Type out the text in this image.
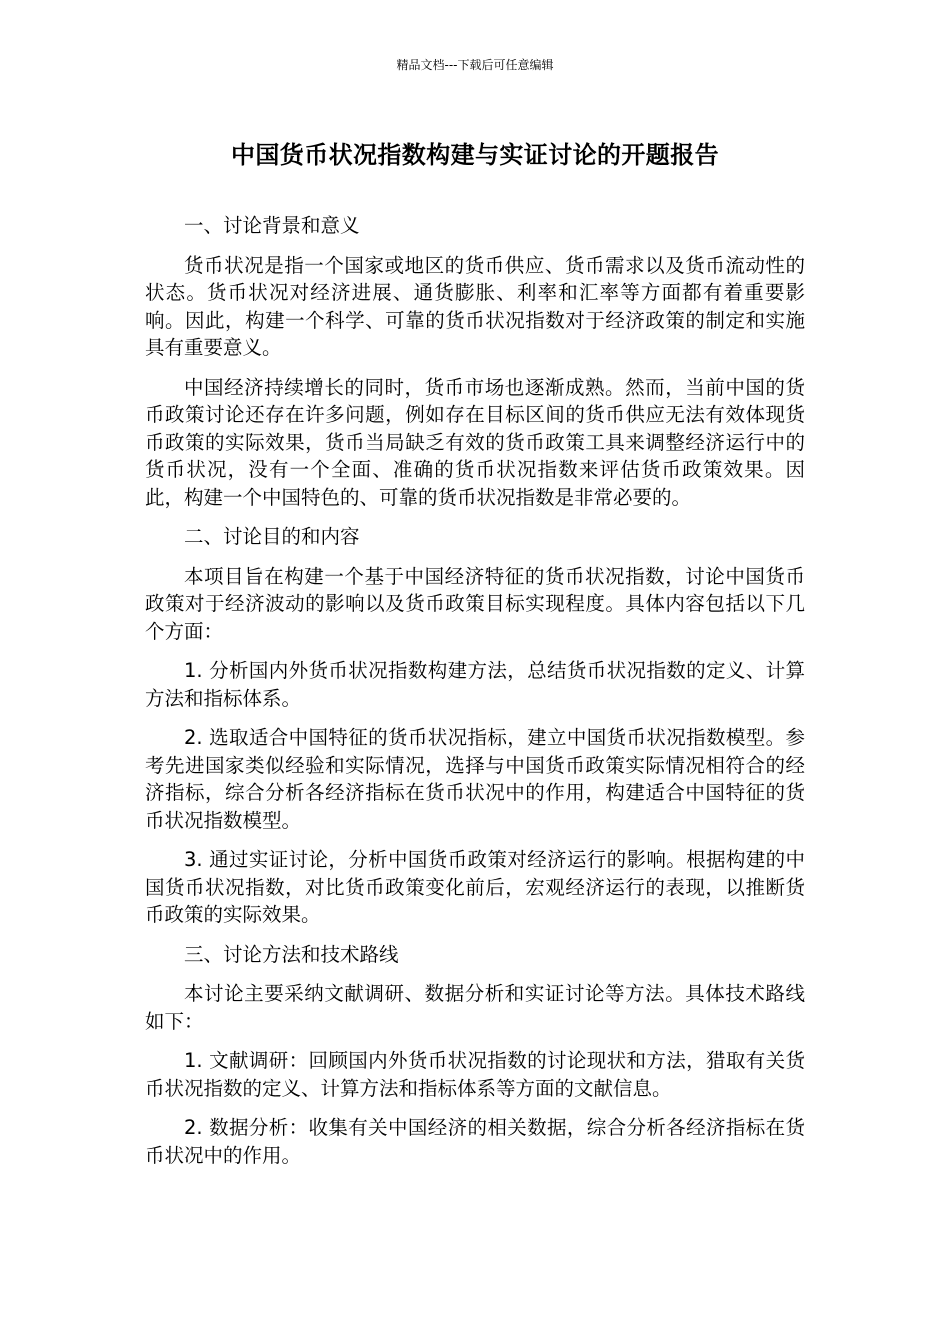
精品文档---下载后可任意编辑
中国货币状况指数构建与实证讨论的开题报告

一、讨论背景和意义

货币状况是指一个国家或地区的货币供应、货币需求以及货币流动性的状态。货币状况对经济进展、通货膨胀、利率和汇率等方面都有着重要影响。因此，构建一个科学、可靠的货币状况指数对于经济政策的制定和实施具有重要意义。

中国经济持续增长的同时，货币市场也逐渐成熟。然而，当前中国的货币政策讨论还存在许多问题，例如存在目标区间的货币供应无法有效体现货币政策的实际效果，货币当局缺乏有效的货币政策工具来调整经济运行中的货币状况，没有一个全面、准确的货币状况指数来评估货币政策效果。因此，构建一个中国特色的、可靠的货币状况指数是非常必要的。

二、讨论目的和内容

本项目旨在构建一个基于中国经济特征的货币状况指数，讨论中国货币政策对于经济波动的影响以及货币政策目标实现程度。具体内容包括以下几个方面：

1. 分析国内外货币状况指数构建方法，总结货币状况指数的定义、计算方法和指标体系。

2. 选取适合中国特征的货币状况指标，建立中国货币状况指数模型。参考先进国家类似经验和实际情况，选择与中国货币政策实际情况相符合的经济指标，综合分析各经济指标在货币状况中的作用，构建适合中国特征的货币状况指数模型。

3. 通过实证讨论，分析中国货币政策对经济运行的影响。根据构建的中国货币状况指数，对比货币政策变化前后，宏观经济运行的表现，以推断货币政策的实际效果。

三、讨论方法和技术路线

本讨论主要采纳文献调研、数据分析和实证讨论等方法。具体技术路线如下：

1. 文献调研：回顾国内外货币状况指数的讨论现状和方法，猎取有关货币状况指数的定义、计算方法和指标体系等方面的文献信息。

2. 数据分析：收集有关中国经济的相关数据，综合分析各经济指标在货币状况中的作用。
